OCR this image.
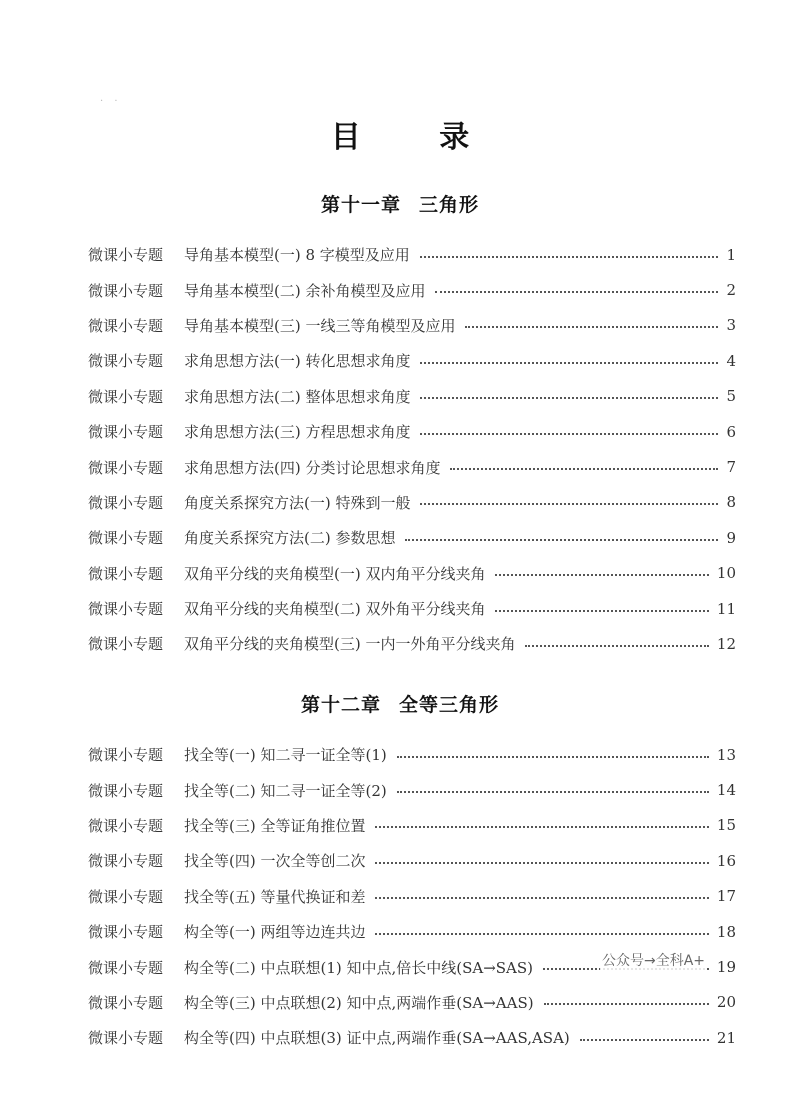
· ·
目 录
第十一章 三角形
微课小专题	导角基本模型(一) 8 字模型及应用	1
微课小专题	导角基本模型(二) 余补角模型及应用	2
微课小专题	导角基本模型(三) 一线三等角模型及应用	3
微课小专题	求角思想方法(一) 转化思想求角度	4
微课小专题	求角思想方法(二) 整体思想求角度	5
微课小专题	求角思想方法(三) 方程思想求角度	6
微课小专题	求角思想方法(四) 分类讨论思想求角度	7
微课小专题	角度关系探究方法(一) 特殊到一般	8
微课小专题	角度关系探究方法(二) 参数思想	9
微课小专题	双角平分线的夹角模型(一) 双内角平分线夹角	10
微课小专题	双角平分线的夹角模型(二) 双外角平分线夹角	11
微课小专题	双角平分线的夹角模型(三) 一内一外角平分线夹角	12
第十二章 全等三角形
微课小专题	找全等(一) 知二寻一证全等(1)	13
微课小专题	找全等(二) 知二寻一证全等(2)	14
微课小专题	找全等(三) 全等证角推位置	15
微课小专题	找全等(四) 一次全等创二次	16
微课小专题	找全等(五) 等量代换证和差	17
微课小专题	构全等(一) 两组等边连共边	18
微课小专题	构全等(二) 中点联想(1) 知中点,倍长中线(SA→SAS)	19
微课小专题	构全等(三) 中点联想(2) 知中点,两端作垂(SA→AAS)	20
微课小专题	构全等(四) 中点联想(3) 证中点,两端作垂(SA→AAS,ASA)	21
公众号→全科A+
